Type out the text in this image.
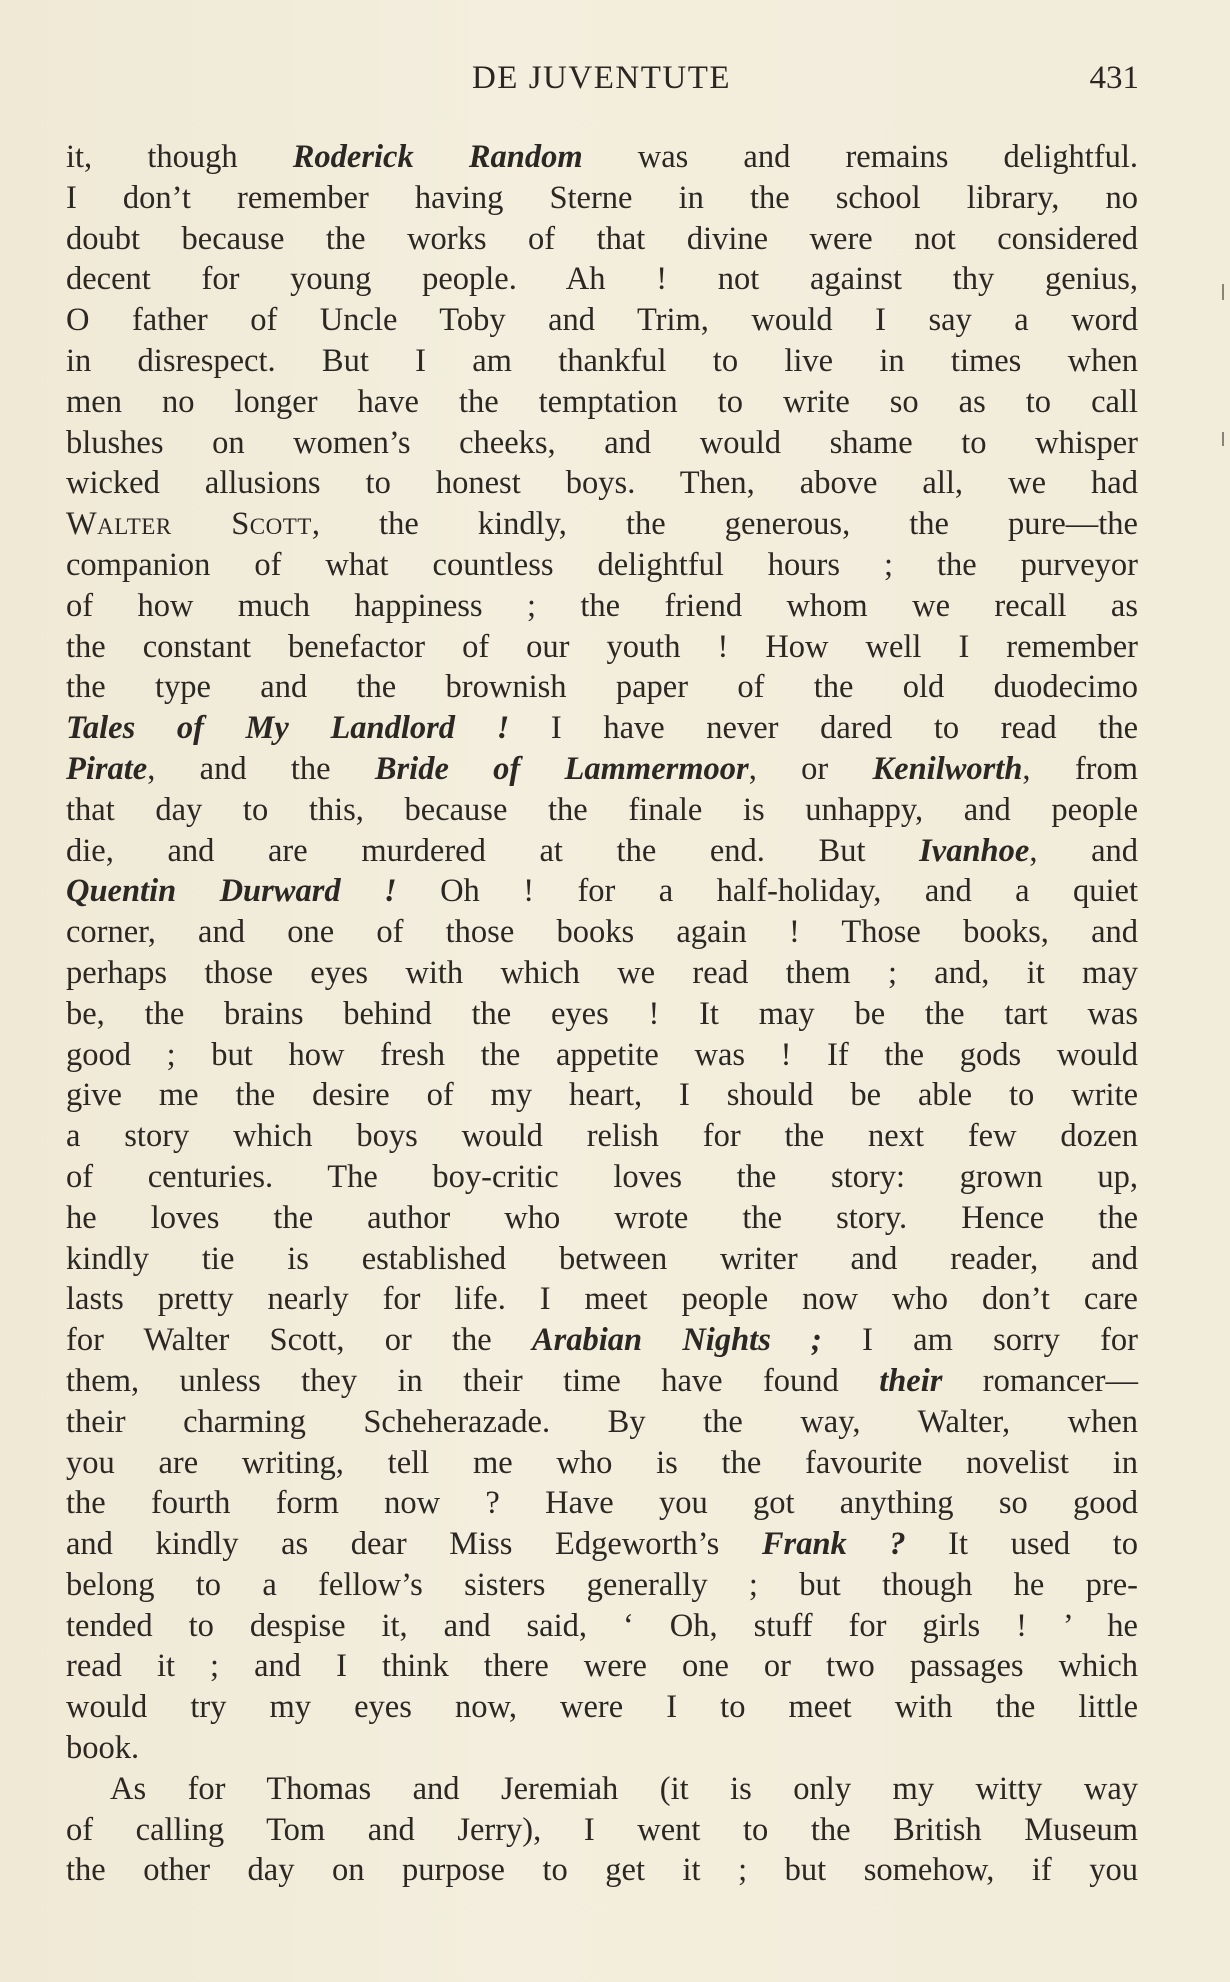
DE JUVENTUTE	431
it, though Roderick Random was and remains delightful.
I don’t remember having Sterne in the school library, no
doubt because the works of that divine were not considered
decent for young people. Ah ! not against thy genius,
O father of Uncle Toby and Trim, would I say a word
in disrespect. But I am thankful to live in times when
men no longer have the temptation to write so as to call
blushes on women’s cheeks, and would shame to whisper
wicked allusions to honest boys. Then, above all, we had
Walter Scott, the kindly, the generous, the pure—the
companion of what countless delightful hours ; the purveyor
of how much happiness ; the friend whom we recall as
the constant benefactor of our youth ! How well I remember
the type and the brownish paper of the old duodecimo
Tales of My Landlord ! I have never dared to read the
Pirate, and the Bride of Lammermoor, or Kenilworth, from
that day to this, because the finale is unhappy, and people
die, and are murdered at the end. But Ivanhoe, and
Quentin Durward ! Oh ! for a half-holiday, and a quiet
corner, and one of those books again ! Those books, and
perhaps those eyes with which we read them ; and, it may
be, the brains behind the eyes ! It may be the tart was
good ; but how fresh the appetite was ! If the gods would
give me the desire of my heart, I should be able to write
a story which boys would relish for the next few dozen
of centuries. The boy-critic loves the story: grown up,
he loves the author who wrote the story. Hence the
kindly tie is established between writer and reader, and
lasts pretty nearly for life. I meet people now who don’t care
for Walter Scott, or the Arabian Nights ; I am sorry for
them, unless they in their time have found their romancer—
their charming Scheherazade. By the way, Walter, when
you are writing, tell me who is the favourite novelist in
the fourth form now ? Have you got anything so good
and kindly as dear Miss Edgeworth’s Frank ? It used to
belong to a fellow’s sisters generally ; but though he pre-
tended to despise it, and said, ‘ Oh, stuff for girls ! ’ he
read it ; and I think there were one or two passages which
would try my eyes now, were I to meet with the little
book.
As for Thomas and Jeremiah (it is only my witty way
of calling Tom and Jerry), I went to the British Museum
the other day on purpose to get it ; but somehow, if you
